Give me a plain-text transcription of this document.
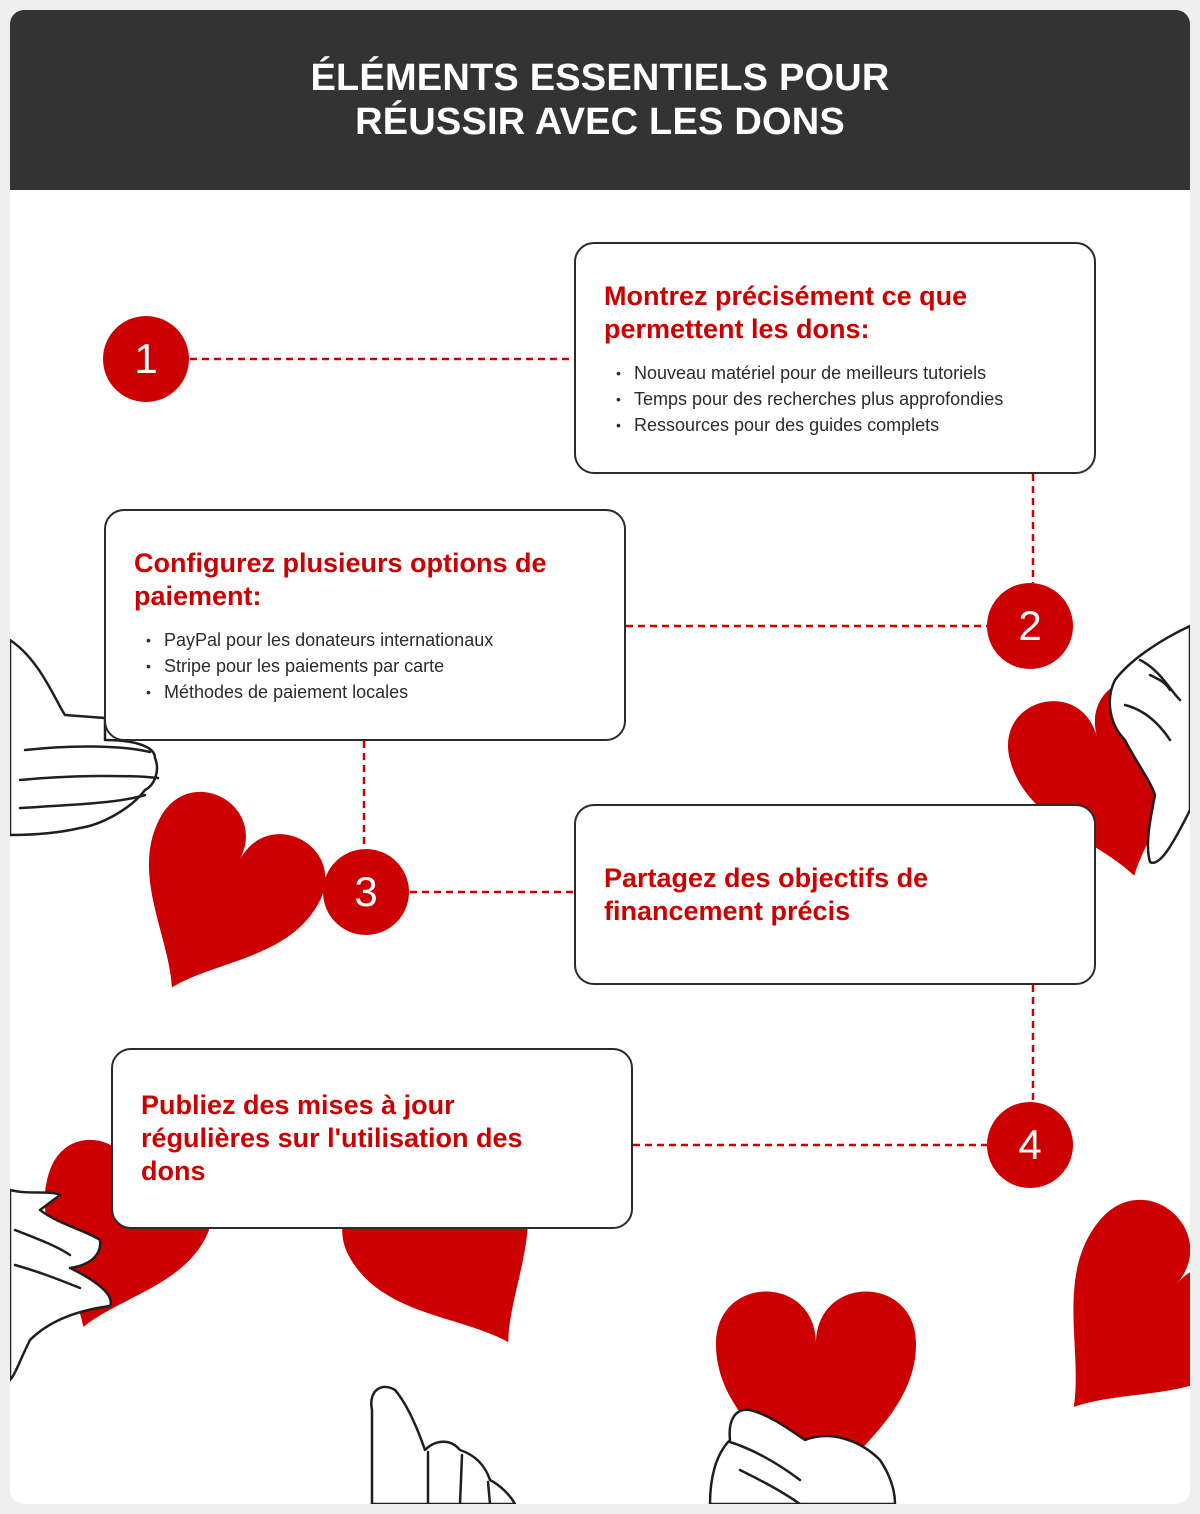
ÉLÉMENTS ESSENTIELS POUR RÉUSSIR AVEC LES DONS
Montrez précisément ce que permettent les dons:
• Nouveau matériel pour de meilleurs tutoriels
• Temps pour des recherches plus approfondies
• Ressources pour des guides complets
Configurez plusieurs options de paiement:
• PayPal pour les donateurs internationaux
• Stripe pour les paiements par carte
• Méthodes de paiement locales
Partagez des objectifs de financement précis
Publiez des mises à jour régulières sur l'utilisation des dons
1
2
3
4
